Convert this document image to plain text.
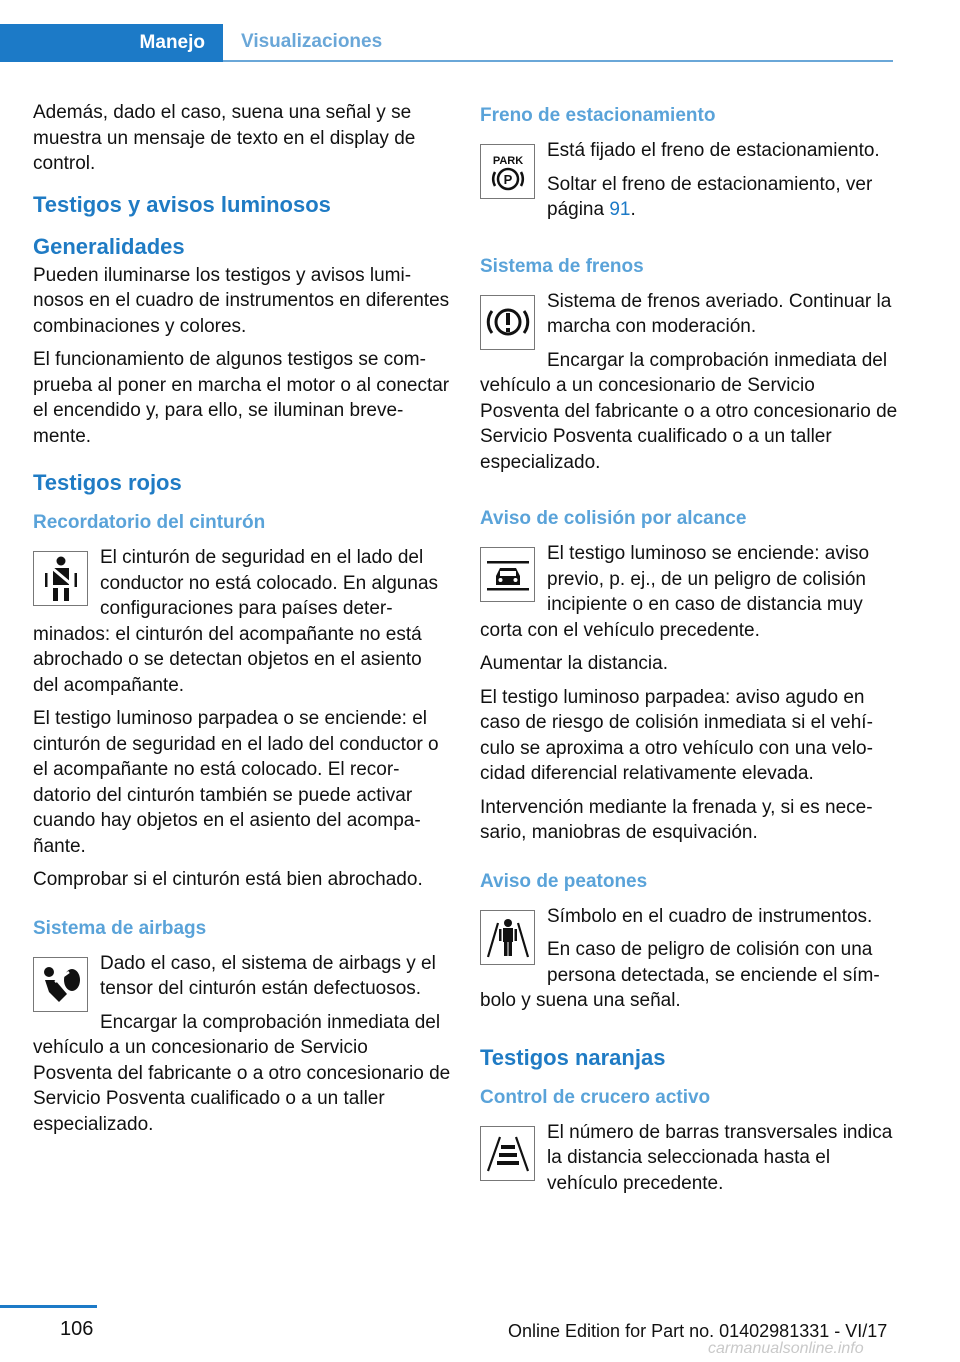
Manejo	Visualizaciones

Además, dado el caso, suena una señal y se muestra un mensaje de texto en el display de control.

Testigos y avisos luminosos
Generalidades

Pueden iluminarse los testigos y avisos luminosos en el cuadro de instrumentos en diferentes combinaciones y colores.

El funcionamiento de algunos testigos se comprueba al poner en marcha el motor o al conectar el encendido y, para ello, se iluminan brevemente.

Testigos rojos
Recordatorio del cinturón

El cinturón de seguridad en el lado del conductor no está colocado. En algunas configuraciones para países determinados: el cinturón del acompañante no está abrochado o se detectan objetos en el asiento del acompañante.

El testigo luminoso parpadea o se enciende: el cinturón de seguridad en el lado del conductor o el acompañante no está colocado. El recordatorio del cinturón también se puede activar cuando hay objetos en el asiento del acompañante.

Comprobar si el cinturón está bien abrochado.

Sistema de airbags

Dado el caso, el sistema de airbags y el tensor del cinturón están defectuosos.

Encargar la comprobación inmediata del vehículo a un concesionario de Servicio Posventa del fabricante o a otro concesionario de Servicio Posventa cualificado o a un taller especializado.

Freno de estacionamiento
PARK
P

Está fijado el freno de estacionamiento.

Soltar el freno de estacionamiento, ver página 91.

Sistema de frenos

Sistema de frenos averiado. Continuar la marcha con moderación.

Encargar la comprobación inmediata del vehículo a un concesionario de Servicio Posventa del fabricante o a otro concesionario de Servicio Posventa cualificado o a un taller especializado.

Aviso de colisión por alcance

El testigo luminoso se enciende: aviso previo, p. ej., de un peligro de colisión incipiente o en caso de distancia muy corta con el vehículo precedente.

Aumentar la distancia.

El testigo luminoso parpadea: aviso agudo en caso de riesgo de colisión inmediata si el vehículo se aproxima a otro vehículo con una velocidad diferencial relativamente elevada.

Intervención mediante la frenada y, si es necesario, maniobras de esquivación.

Aviso de peatones

Símbolo en el cuadro de instrumentos.

En caso de peligro de colisión con una persona detectada, se enciende el símbolo y suena una señal.

Testigos naranjas
Control de crucero activo

El número de barras transversales indica la distancia seleccionada hasta el vehículo precedente.

106	Online Edition for Part no. 01402981331 - VI/17
carmanualsonline.info
